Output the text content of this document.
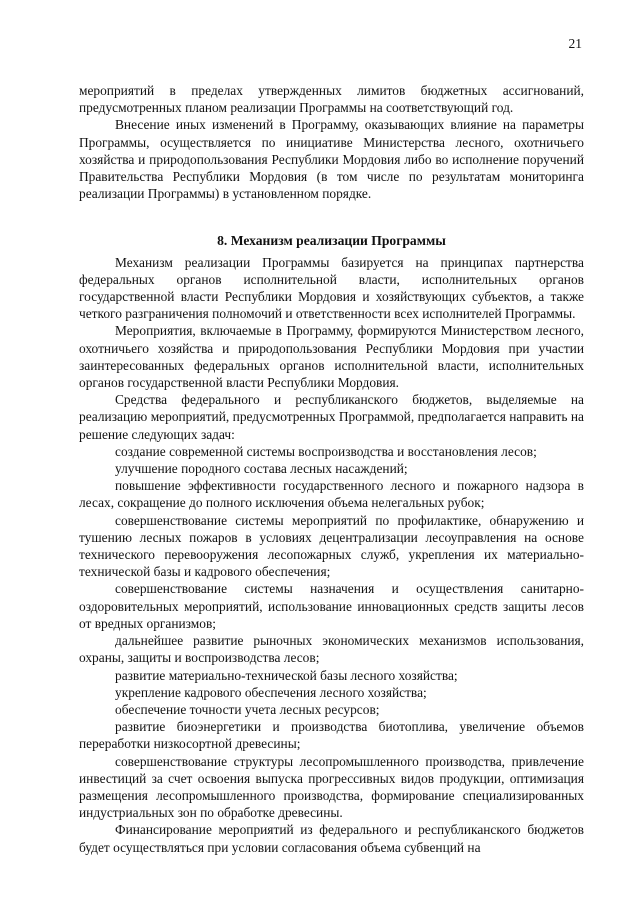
21

мероприятий в пределах утвержденных лимитов бюджетных ассигнований, предусмотренных планом реализации Программы на соответствующий год.

Внесение иных изменений в Программу, оказывающих влияние на параметры Программы, осуществляется по инициативе Министерства лесного, охотничьего хозяйства и природопользования Республики Мордовия либо во исполнение поручений Правительства Республики Мордовия (в том числе по результатам мониторинга реализации Программы) в установленном порядке.

8. Механизм реализации Программы

Механизм реализации Программы базируется на принципах партнерства федеральных органов исполнительной власти, исполнительных органов государственной власти Республики Мордовия и хозяйствующих субъектов, а также четкого разграничения полномочий и ответственности всех исполнителей Программы.

Мероприятия, включаемые в Программу, формируются Министерством лесного, охотничьего хозяйства и природопользования Республики Мордовия при участии заинтересованных федеральных органов исполнительной власти, исполнительных органов государственной власти Республики Мордовия.

Средства федерального и республиканского бюджетов, выделяемые на реализацию мероприятий, предусмотренных Программой, предполагается направить на решение следующих задач:

создание современной системы воспроизводства и восстановления лесов;

улучшение породного состава лесных насаждений;

повышение эффективности государственного лесного и пожарного надзора в лесах, сокращение до полного исключения объема нелегальных рубок;

совершенствование системы мероприятий по профилактике, обнаружению и тушению лесных пожаров в условиях децентрализации лесоуправления на основе технического перевооружения лесопожарных служб, укрепления их материально-технической базы и кадрового обеспечения;

совершенствование системы назначения и осуществления санитарно-оздоровительных мероприятий, использование инновационных средств защиты лесов от вредных организмов;

дальнейшее развитие рыночных экономических механизмов использования, охраны, защиты и воспроизводства лесов;

развитие материально-технической базы лесного хозяйства;

укрепление кадрового обеспечения лесного хозяйства;

обеспечение точности учета лесных ресурсов;

развитие биоэнергетики и производства биотоплива, увеличение объемов переработки низкосортной древесины;

совершенствование структуры лесопромышленного производства, привлечение инвестиций за счет освоения выпуска прогрессивных видов продукции, оптимизация размещения лесопромышленного производства, формирование специализированных индустриальных зон по обработке древесины.

Финансирование мероприятий из федерального и республиканского бюджетов будет осуществляться при условии согласования объема субвенций на
